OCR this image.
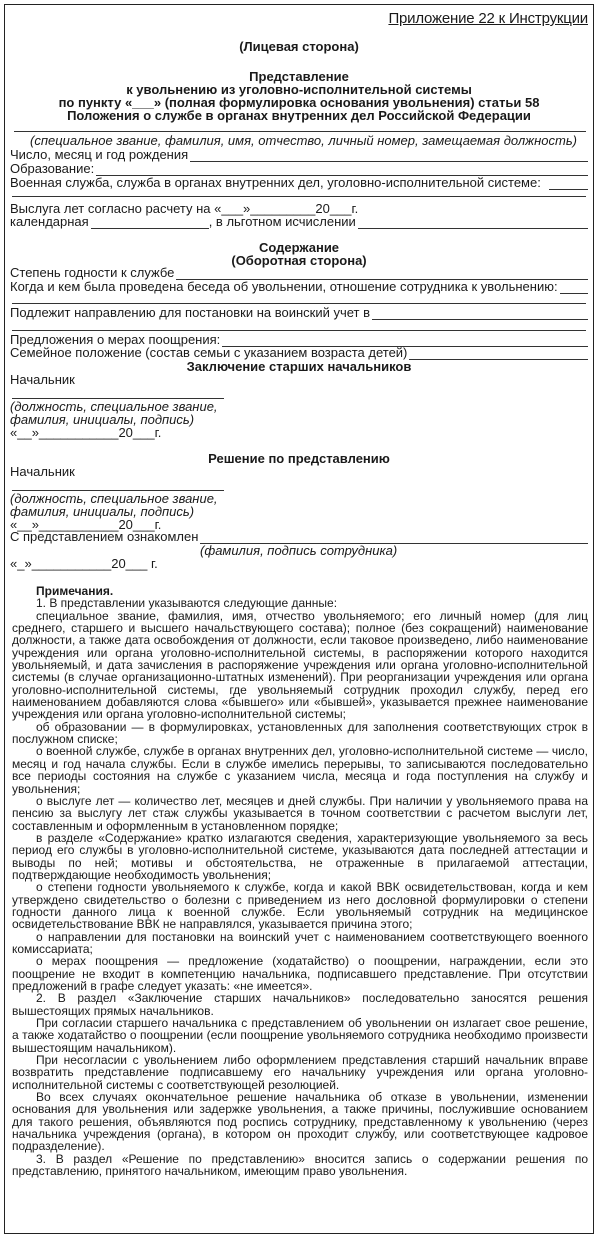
Приложение 22 к Инструкции
(Лицевая сторона)
Представление
к увольнению из уголовно-исполнительной системы
по пункту «___» (полная формулировка основания увольнения) статьи 58
Положения о службе в органах внутренних дел Российской Федерации
(специальное звание, фамилия, имя, отчество, личный номер, замещаемая должность)
Число, месяц и год рождения
Образование:
Военная служба, служба в органах внутренних дел, уголовно-исполнительной системе:
Выслуга лет согласно расчету на «___»_________20___г.
календарная	, в льготном исчислении
Содержание
(Оборотная сторона)
Степень годности к службе
Когда и кем была проведена беседа об увольнении, отношение сотрудника к увольнению:
Подлежит направлению для постановки на воинский учет в
Предложения о мерах поощрения:
Семейное положение (состав семьи с указанием возраста детей)
Заключение старших начальников
Начальник
(должность, специальное звание,
фамилия, инициалы, подпись)
«__»___________20___г.
Решение по представлению
Начальник
(должность, специальное звание,
фамилия, инициалы, подпись)
«__»___________20___г.
С представлением ознакомлен
(фамилия, подпись сотрудника)
«_»___________20___ г.

Примечания.

1. В представлении указываются следующие данные:

специальное звание, фамилия, имя, отчество увольняемого; его личный номер (для лиц среднего, старшего и высшего начальствующего состава); полное (без сокращений) наименование должности, а также дата освобождения от должности, если таковое произведено, либо наименование учреждения или органа уголовно-исполнительной системы, в распоряжении которого находится увольняемый, и дата зачисления в распоряжение учреждения или органа уголовно-исполнительной системы (в случае организационно-штатных изменений). При реорганизации учреждения или органа уголовно-исполнительной системы, где увольняемый сотрудник проходил службу, перед его наименованием добавляются слова «бывшего» или «бывшей», указывается прежнее наименование учреждения или органа уголовно-исполнительной системы;

об образовании — в формулировках, установленных для заполнения соответствующих строк в послужном списке;

о военной службе, службе в органах внутренних дел, уголовно-исполнительной системе — число, месяц и год начала службы. Если в службе имелись перерывы, то записываются последовательно все периоды состояния на службе с указанием числа, месяца и года поступления на службу и увольнения;

о выслуге лет — количество лет, месяцев и дней службы. При наличии у увольняемого права на пенсию за выслугу лет стаж службы указывается в точном соответствии с расчетом выслуги лет, составленным и оформленным в установленном порядке;

в разделе «Содержание» кратко излагаются сведения, характеризующие увольняемого за весь период его службы в уголовно-исполнительной системе, указываются дата последней аттестации и выводы по ней; мотивы и обстоятельства, не отраженные в прилагаемой аттестации, подтверждающие необходимость увольнения;

о степени годности увольняемого к службе, когда и какой ВВК освидетельствован, когда и кем утверждено свидетельство о болезни с приведением из него дословной формулировки о степени годности данного лица к военной службе. Если увольняемый сотрудник на медицинское освидетельствование ВВК не направлялся, указывается причина этого;

о направлении для постановки на воинский учет с наименованием соответствующего военного комиссариата;

о мерах поощрения — предложение (ходатайство) о поощрении, награждении, если это поощрение не входит в компетенцию начальника, подписавшего представление. При отсутствии предложений в графе следует указать: «не имеется».

2. В раздел «Заключение старших начальников» последовательно заносятся решения вышестоящих прямых начальников.

При согласии старшего начальника с представлением об увольнении он излагает свое решение, а также ходатайство о поощрении (если поощрение увольняемого сотрудника необходимо произвести вышестоящим начальником).

При несогласии с увольнением либо оформлением представления старший начальник вправе возвратить представление подписавшему его начальнику учреждения или органа уголовно-исполнительной системы с соответствующей резолюцией.

Во всех случаях окончательное решение начальника об отказе в увольнении, изменении основания для увольнения или задержке увольнения, а также причины, послужившие основанием для такого решения, объявляются под роспись сотруднику, представленному к увольнению (через начальника учреждения (органа), в котором он проходит службу, или соответствующее кадровое подразделение).

3. В раздел «Решение по представлению» вносится запись о содержании решения по представлению, принятого начальником, имеющим право увольнения.
